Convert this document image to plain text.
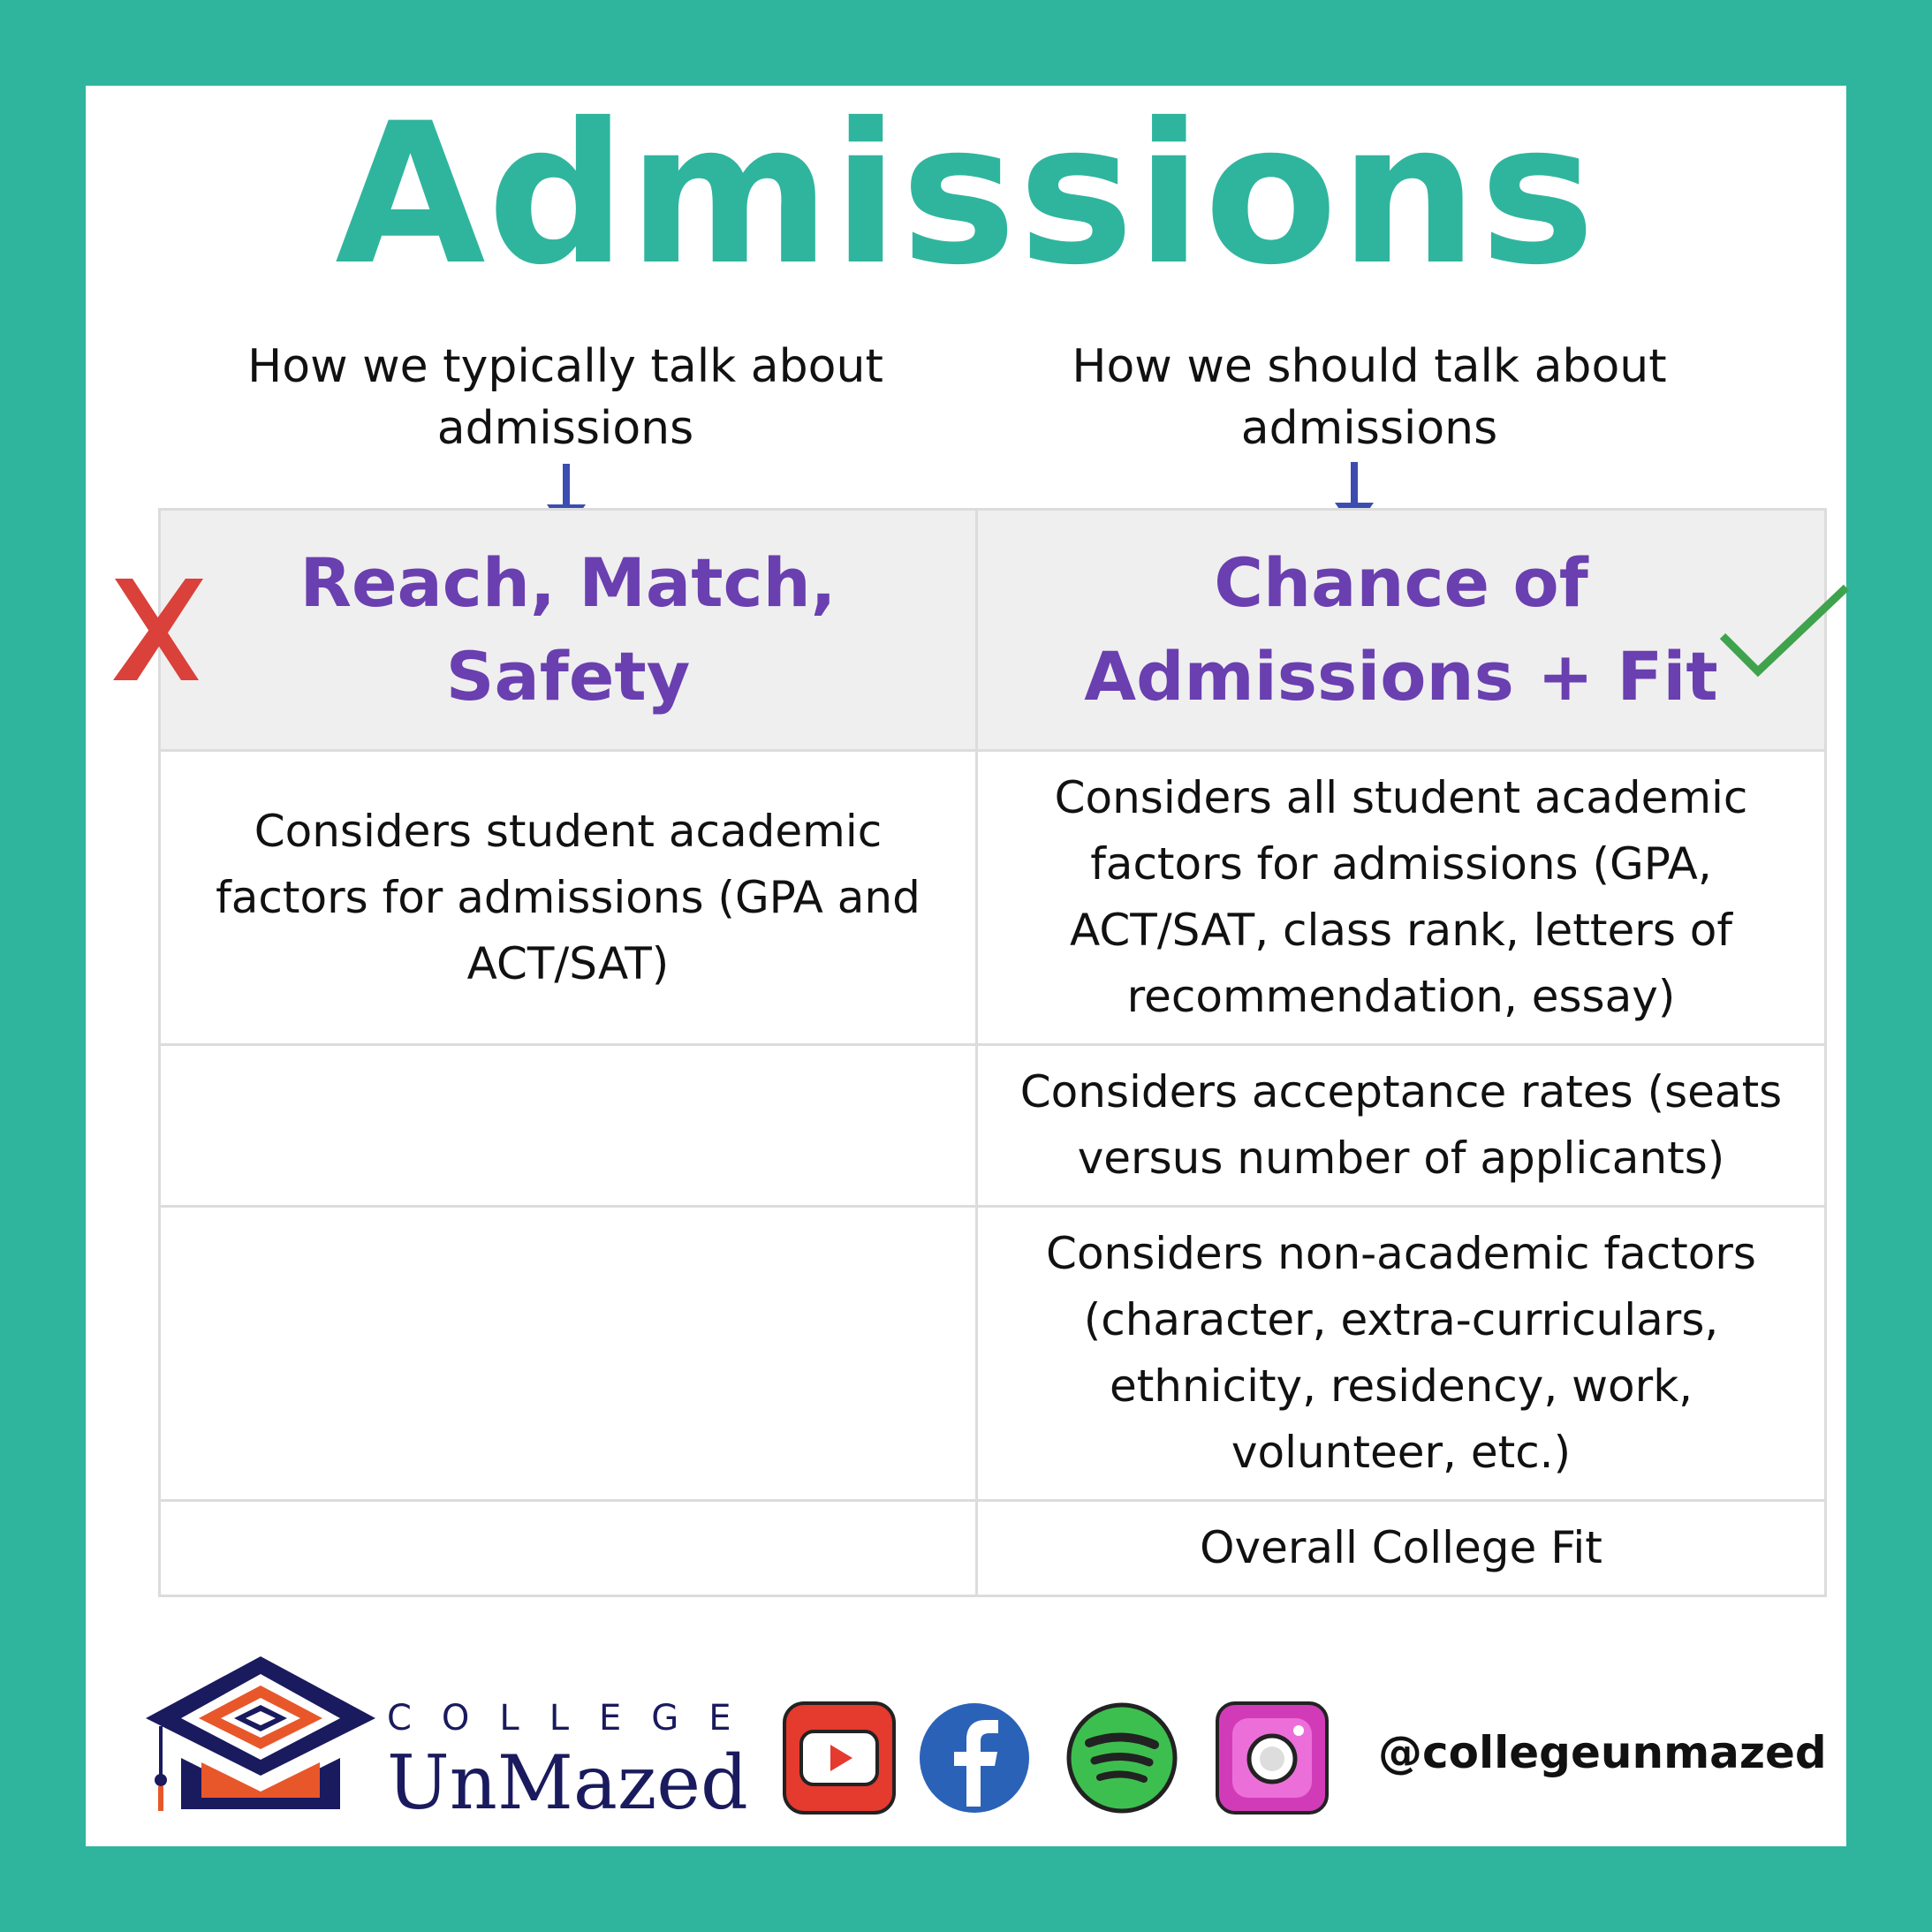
Admissions
How we typically talk about admissions
How we should talk about admissions
Reach, Match, Safety	Chance of Admissions + Fit
Considers student academic factors for admissions (GPA and ACT/SAT)	Considers all student academic factors for admissions (GPA, ACT/SAT, class rank, letters of recommendation, essay)
	Considers acceptance rates (seats versus number of applicants)
	Considers non-academic factors (character, extra-curriculars, ethnicity, residency, work, volunteer, etc.)
	Overall College Fit
COLLEGE
UnMazed	@collegeunmazed
